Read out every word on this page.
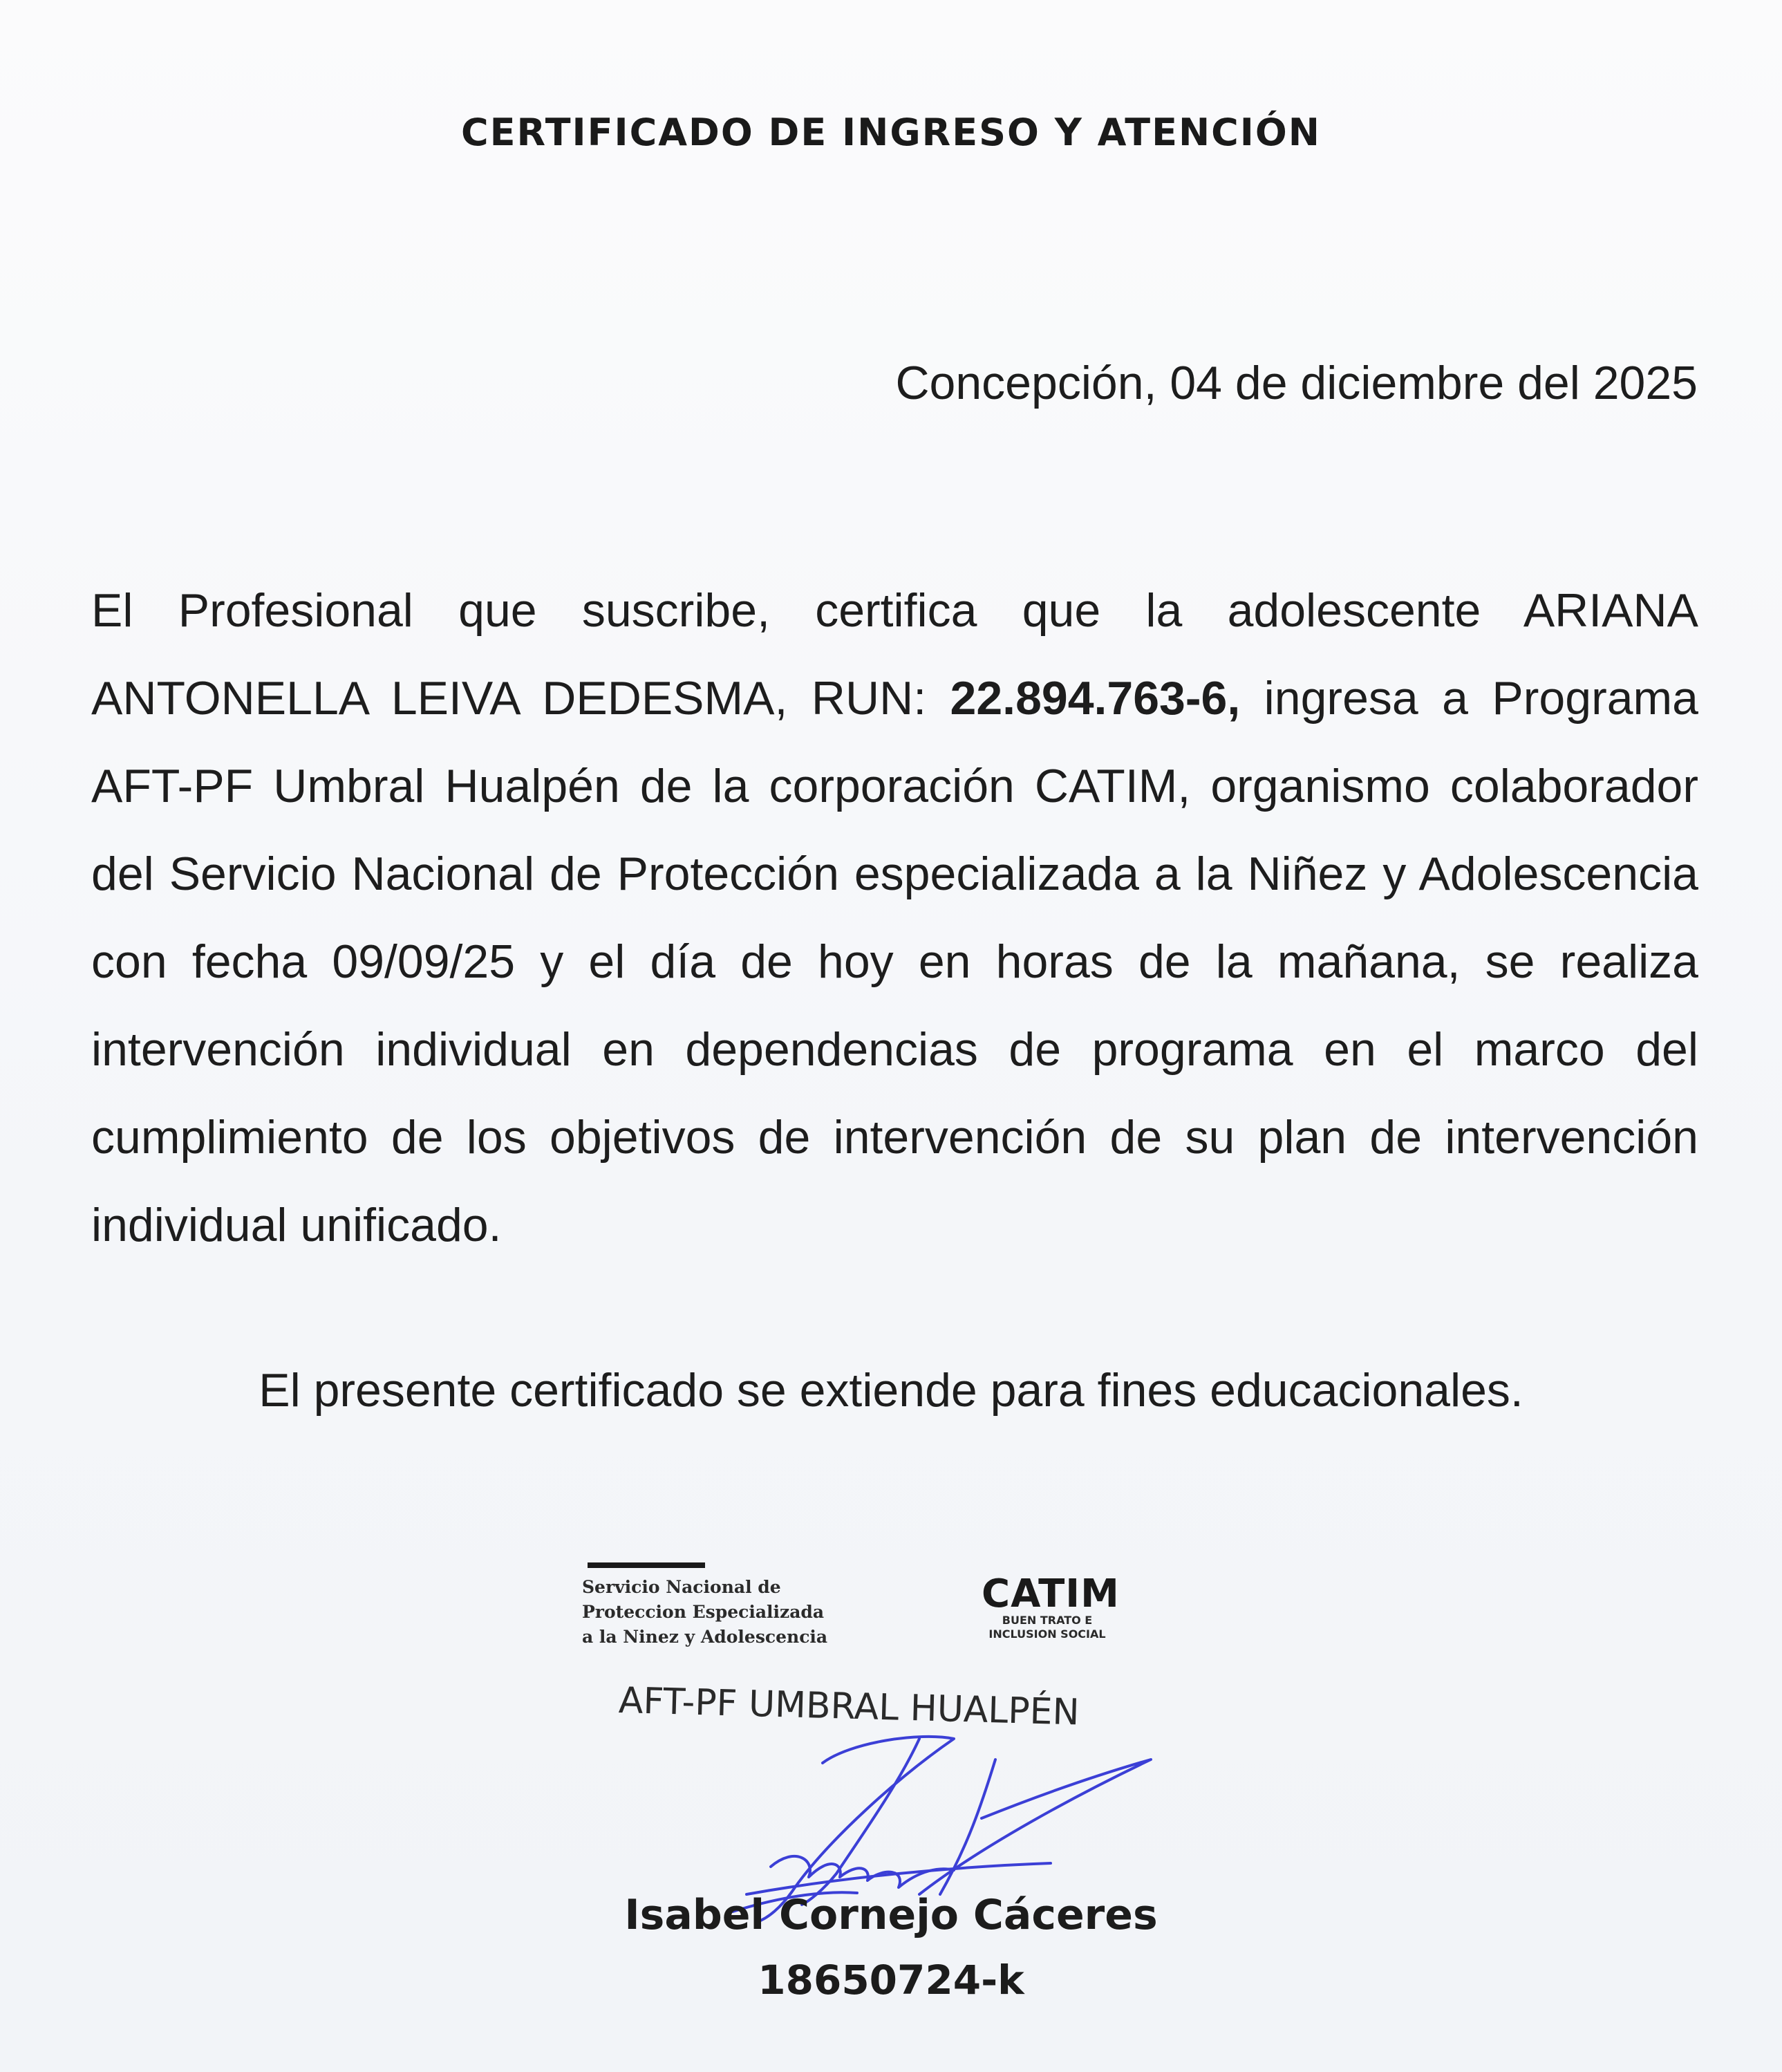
CERTIFICADO DE INGRESO Y ATENCIÓN
Concepción, 04 de diciembre del 2025

El Profesional que suscribe, certifica que la adolescente ARIANA ANTONELLA LEIVA DEDESMA, RUN: 22.894.763-6, ingresa a Programa AFT-PF Umbral Hualpén de la corporación CATIM, organismo colaborador del Servicio Nacional de Protección especializada a la Niñez y Adolescencia con fecha 09/09/25 y el día de hoy en horas de la mañana, se realiza intervención individual en dependencias de programa en el marco del cumplimiento de los objetivos de intervención de su plan de intervención individual unificado.

El presente certificado se extiende para fines educacionales.

Servicio Nacional de
Proteccion Especializada
a la Ninez y Adolescencia
CATIM
BUEN TRATO E
INCLUSION SOCIAL
AFT-PF UMBRAL HUALPÉN
Isabel Cornejo Cáceres
18650724-k
